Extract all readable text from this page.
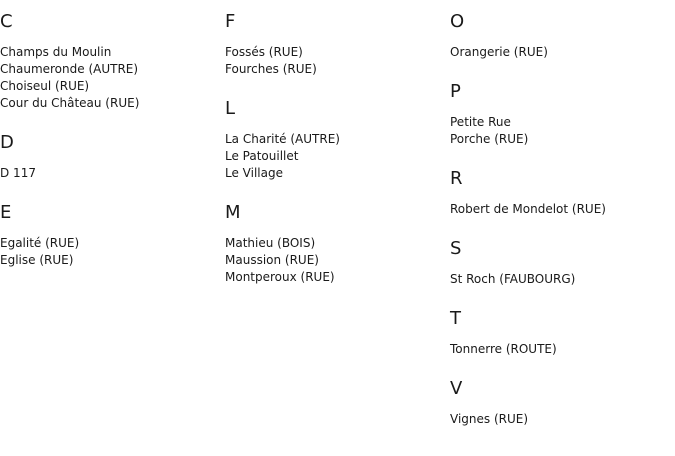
C
Champs du Moulin
Chaumeronde (AUTRE)
Choiseul (RUE)
Cour du Château (RUE)
D
D 117
E
Egalité (RUE)
Eglise (RUE)
F
Fossés (RUE)
Fourches (RUE)
L
La Charité (AUTRE)
Le Patouillet
Le Village
M
Mathieu (BOIS)
Maussion (RUE)
Montperoux (RUE)
O
Orangerie (RUE)
P
Petite Rue
Porche (RUE)
R
Robert de Mondelot (RUE)
S
St Roch (FAUBOURG)
T
Tonnerre (ROUTE)
V
Vignes (RUE)
